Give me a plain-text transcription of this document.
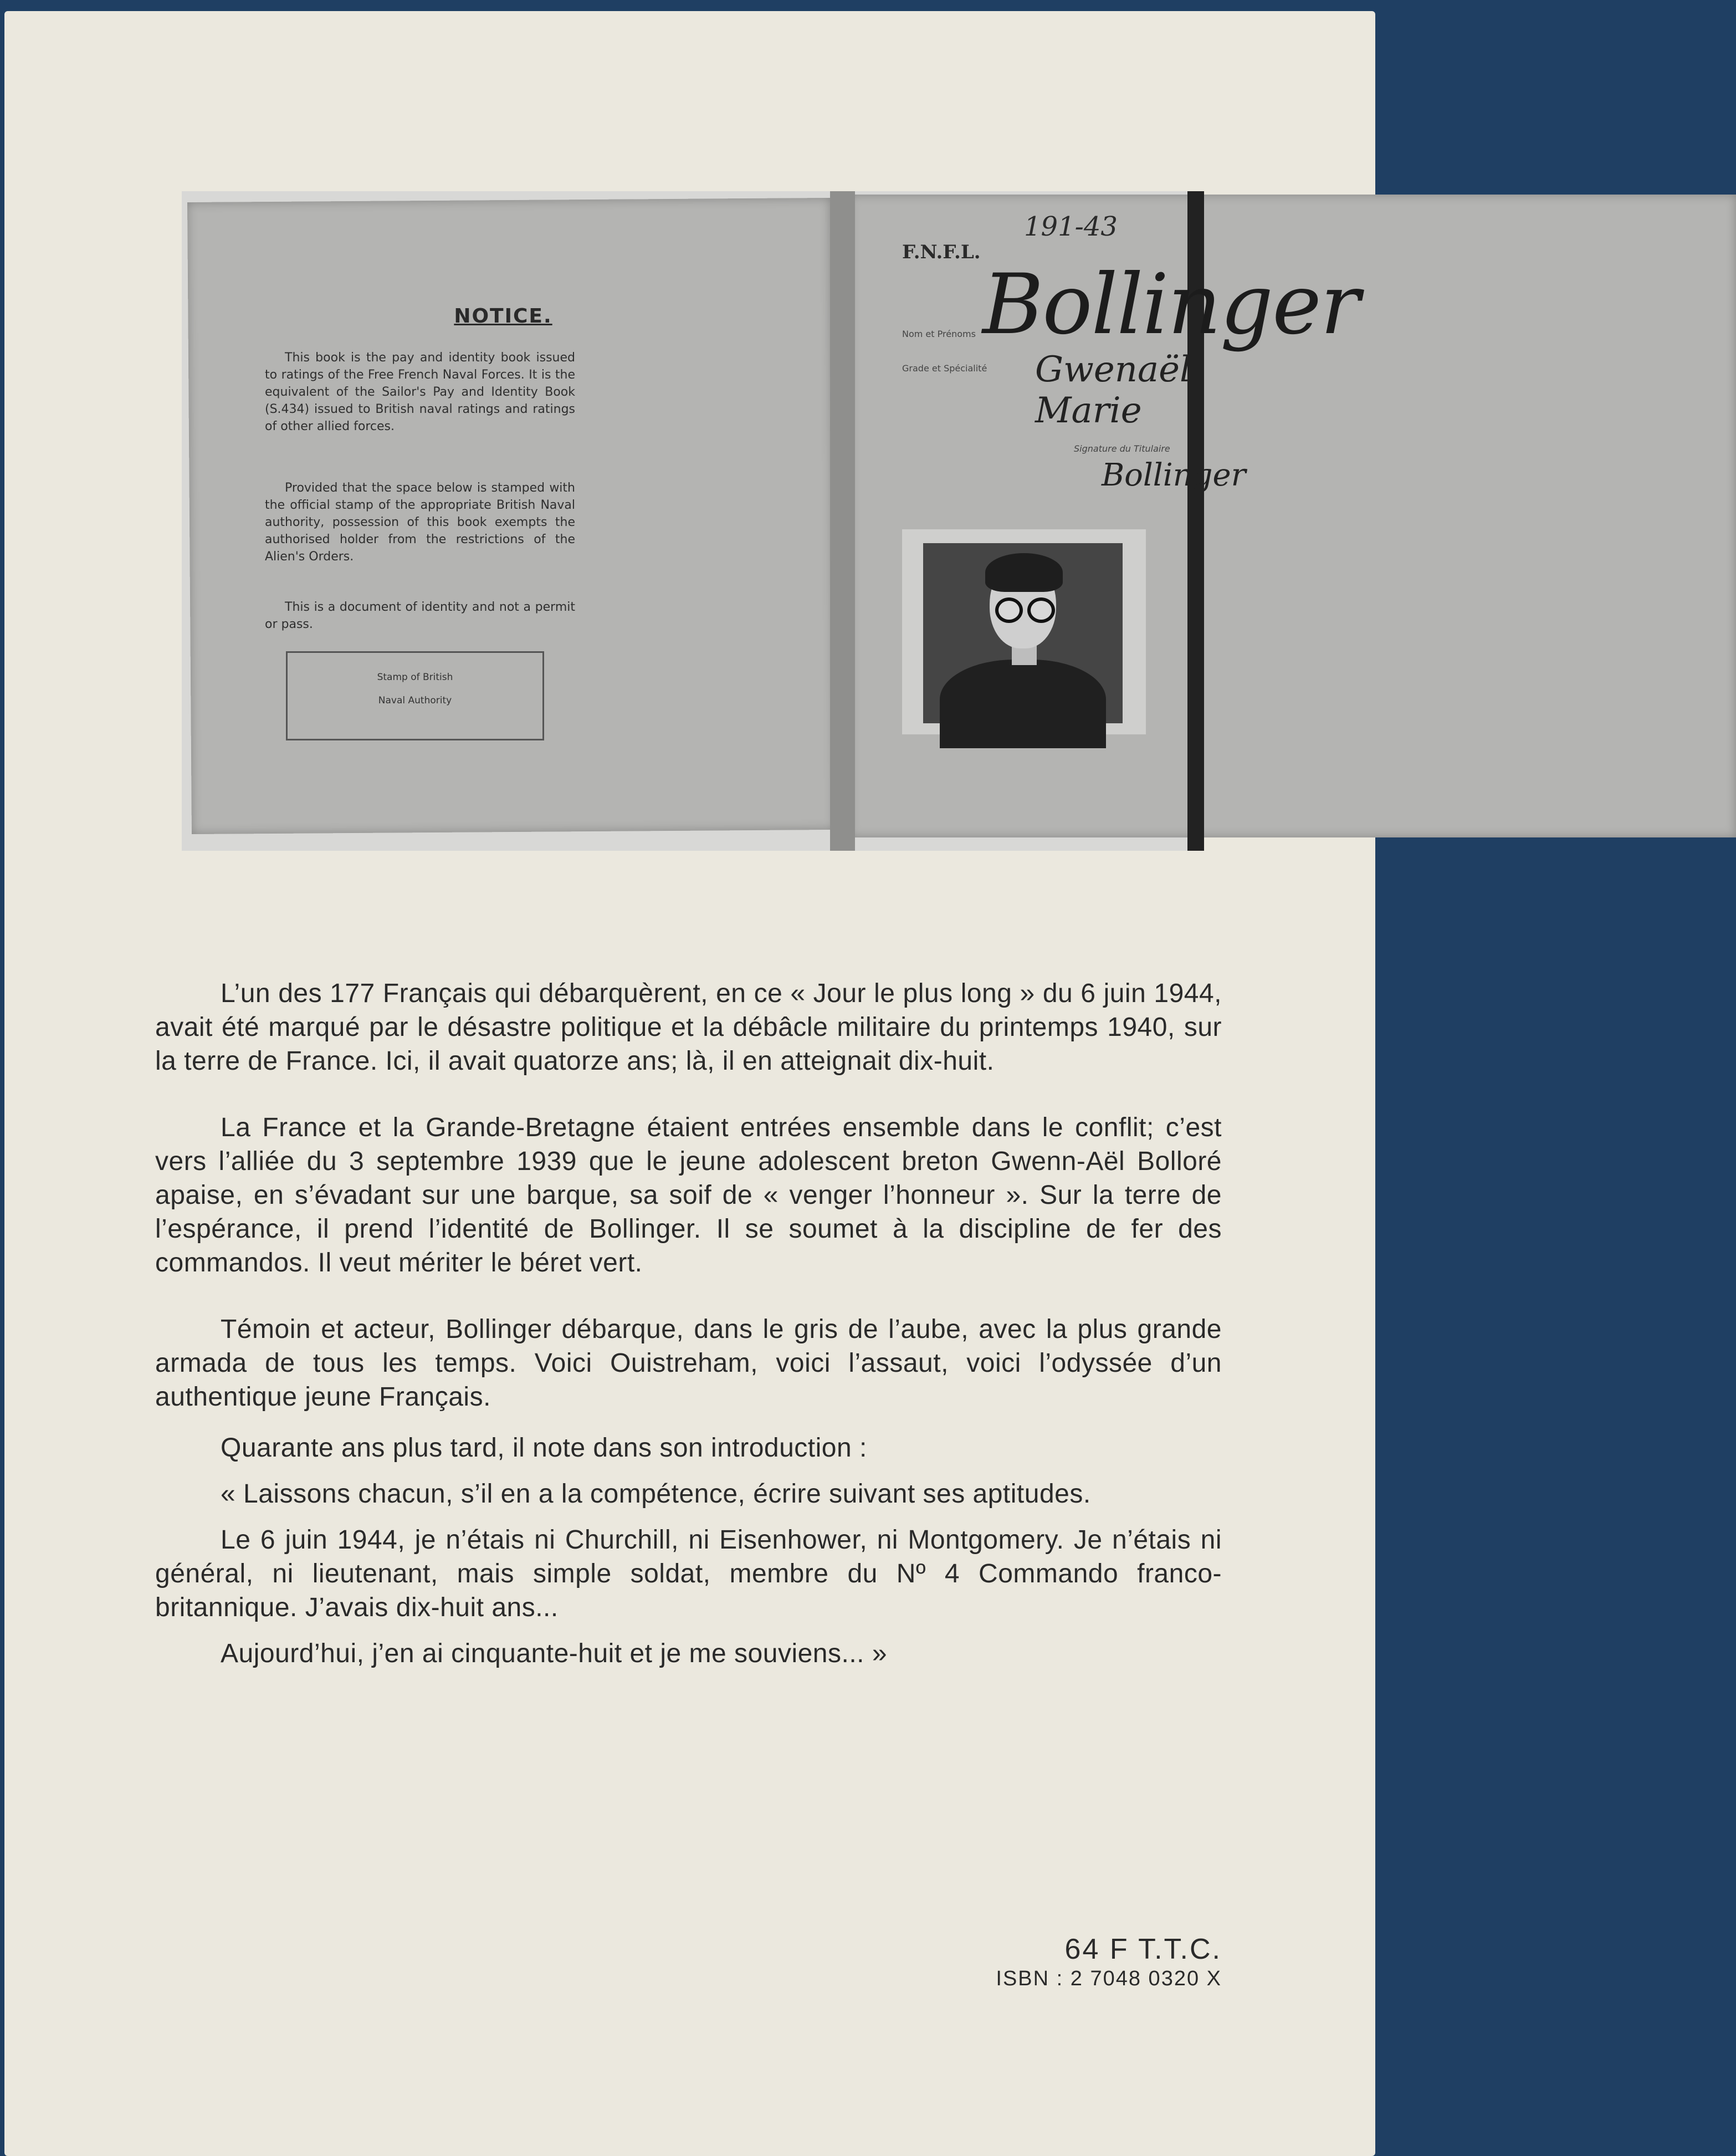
NOTICE.
This book is the pay and identity book issued to ratings of the Free French Naval Forces. It is the equivalent of the Sailor's Pay and Identity Book (S.434) issued to British naval ratings and ratings of other allied forces.
Provided that the space below is stamped with the official stamp of the appropriate British Naval authority, possession of this book exempts the authorised holder from the restrictions of the Alien's Orders.
This is a document of identity and not a permit or pass.
Stamp of British
Naval Authority
F.N.F.L.
191-43
Nom et Prénoms
Grade et Spécialité
Signature du Titulaire
Bollinger
Gwenaël Marie
Bollinger

L’un des 177 Français qui débarquèrent, en ce « Jour le plus long » du 6 juin 1944, avait été marqué par le désastre politique et la débâcle militaire du printemps 1940, sur la terre de France. Ici, il avait quatorze ans; là, il en atteignait dix-huit.

La France et la Grande-Bretagne étaient entrées ensemble dans le conflit; c’est vers l’alliée du 3 septembre 1939 que le jeune adolescent breton Gwenn-Aël Bolloré apaise, en s’évadant sur une barque, sa soif de « venger l’honneur ». Sur la terre de l’espérance, il prend l’identité de Bollinger. Il se soumet à la discipline de fer des commandos. Il veut mériter le béret vert.

Témoin et acteur, Bollinger débarque, dans le gris de l’aube, avec la plus grande armada de tous les temps. Voici Ouistreham, voici l’assaut, voici l’odyssée d’un authentique jeune Français.

Quarante ans plus tard, il note dans son introduction :

« Laissons chacun, s’il en a la compétence, écrire suivant ses aptitudes.

Le 6 juin 1944, je n’étais ni Churchill, ni Eisenhower, ni Montgomery. Je n’étais ni général, ni lieutenant, mais simple soldat, membre du Nº 4 Commando franco-britannique. J’avais dix-huit ans...

Aujourd’hui, j’en ai cinquante-huit et je me souviens... »

64 F T.T.C.
ISBN : 2 7048 0320 X
